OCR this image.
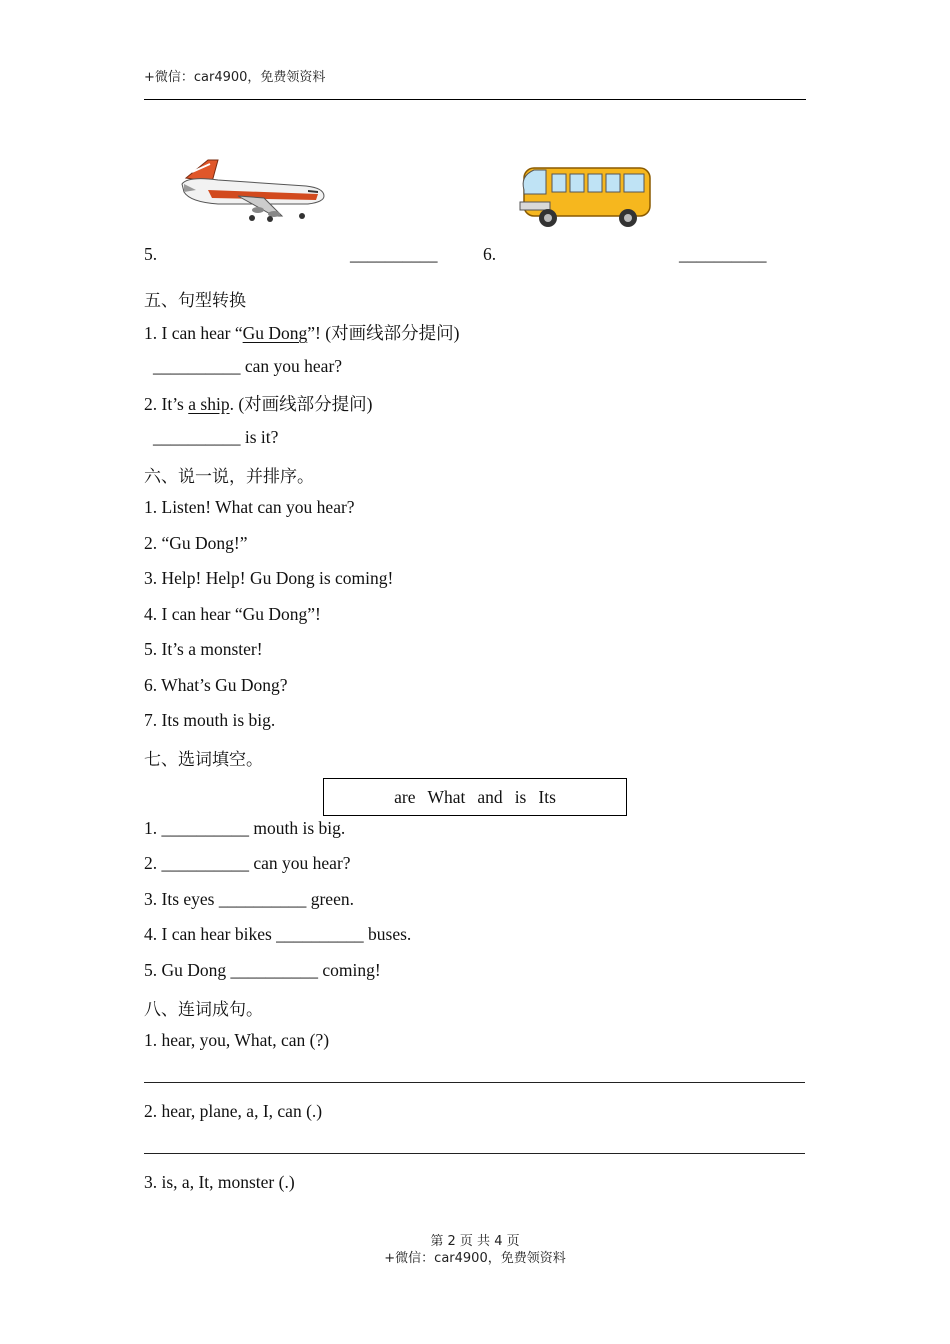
+微信：car4900，免费领资料
5.	__________	6.	__________
五、句型转换
1. I can hear “Gu Dong”! (对画线部分提问)
__________ can you hear?
2. It’s a ship. (对画线部分提问)
__________ is it?
六、说一说，并排序。
1. Listen! What can you hear?
2. “Gu Dong!”
3. Help! Help! Gu Dong is coming!
4. I can hear “Gu Dong”!
5. It’s a monster!
6. What’s Gu Dong?
7. Its mouth is big.
七、选词填空。
are What and is Its
1. __________ mouth is big.
2. __________ can you hear?
3. Its eyes __________ green.
4. I can hear bikes __________ buses.
5. Gu Dong __________ coming!
八、连词成句。
1. hear, you, What, can (?)
2. hear, plane, a, I, can (.)
3. is, a, It, monster (.)
第 2 页 共 4 页
+微信：car4900，免费领资料
